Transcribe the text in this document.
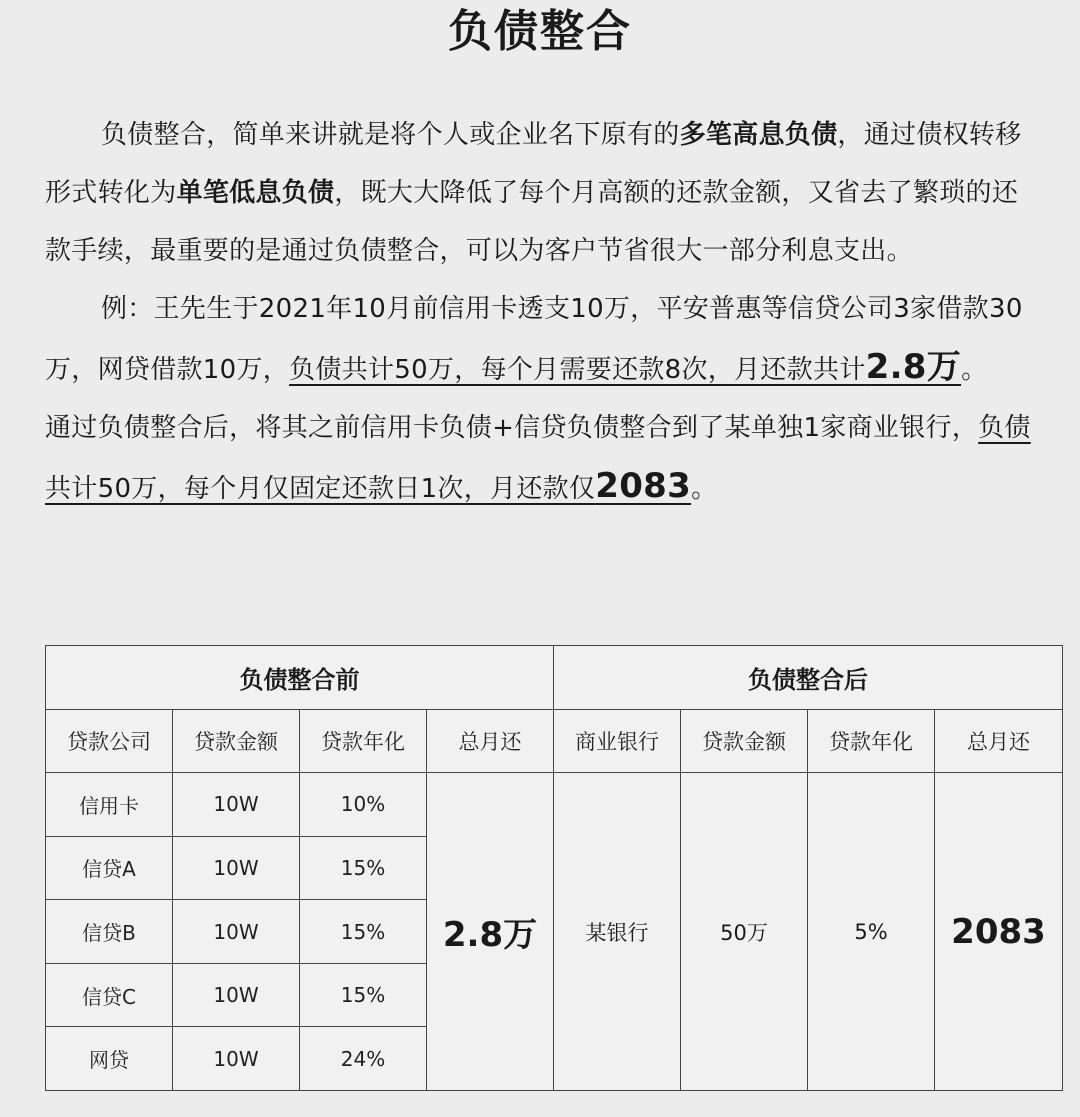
负债整合

负债整合，简单来讲就是将个人或企业名下原有的多笔高息负债，通过债权转移形式转化为单笔低息负债，既大大降低了每个月高额的还款金额，又省去了繁琐的还款手续，最重要的是通过负债整合，可以为客户节省很大一部分利息支出。

例：王先生于2021年10月前信用卡透支10万，平安普惠等信贷公司3家借款30万，网贷借款10万，负债共计50万，每个月需要还款8次，月还款共计2.8万。

通过负债整合后，将其之前信用卡负债+信贷负债整合到了某单独1家商业银行，负债共计50万，每个月仅固定还款日1次，月还款仅2083。

负债整合前				负债整合后			
贷款公司	贷款金额	贷款年化	总月还	商业银行	贷款金额	贷款年化	总月还
信用卡	10W	10%	2.8万	某银行	50万	5%	2083
信贷A	10W	15%					
信贷B	10W	15%					
信贷C	10W	15%					
网贷	10W	24%					
